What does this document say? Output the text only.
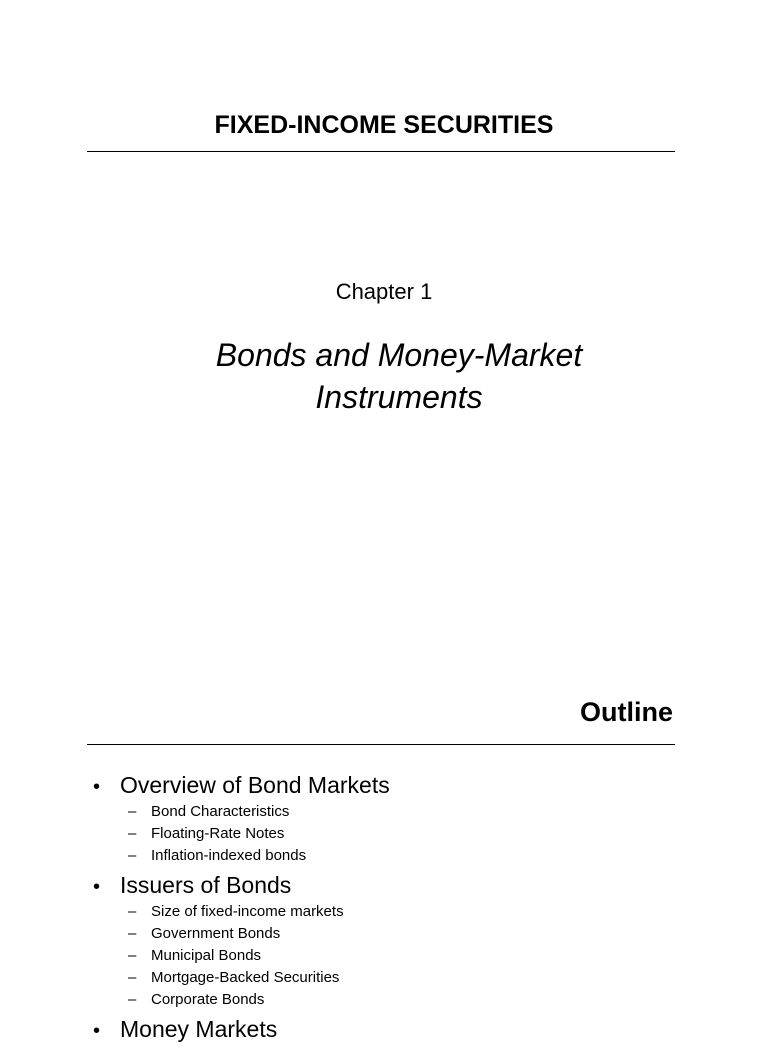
FIXED-INCOME SECURITIES
Chapter 1
Bonds and Money-Market
Instruments
Outline
• Overview of Bond Markets
– Bond Characteristics
– Floating-Rate Notes
– Inflation-indexed bonds
• Issuers of Bonds
– Size of fixed-income markets
– Government Bonds
– Municipal Bonds
– Mortgage-Backed Securities
– Corporate Bonds
• Money Markets
